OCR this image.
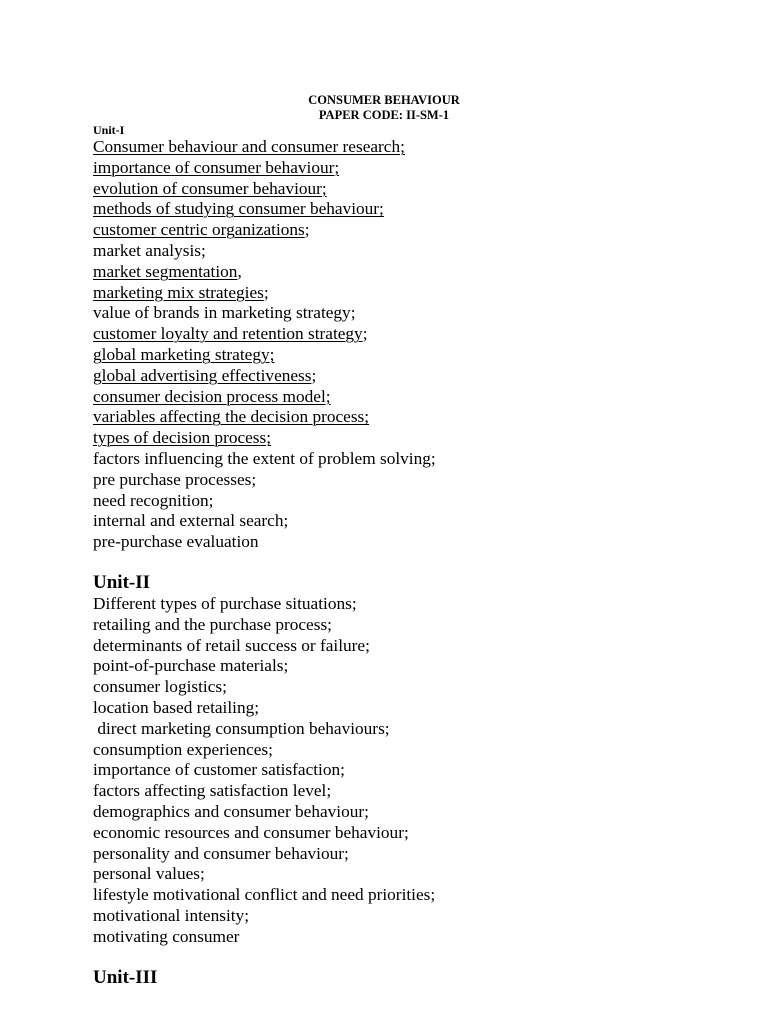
CONSUMER BEHAVIOUR
PAPER CODE: II-SM-1
Unit-I
Consumer behaviour and consumer research;
importance of consumer behaviour;
evolution of consumer behaviour;
methods of studying consumer behaviour;
customer centric organizations;
market analysis;
market segmentation,
marketing mix strategies;
value of brands in marketing strategy;
customer loyalty and retention strategy;
global marketing strategy;
global advertising effectiveness;
consumer decision process model;
variables affecting the decision process;
types of decision process;
factors influencing the extent of problem solving;
pre purchase processes;
need recognition;
internal and external search;
pre-purchase evaluation
Unit-II
Different types of purchase situations;
retailing and the purchase process;
determinants of retail success or failure;
point-of-purchase materials;
consumer logistics;
location based retailing;
direct marketing consumption behaviours;
consumption experiences;
importance of customer satisfaction;
factors affecting satisfaction level;
demographics and consumer behaviour;
economic resources and consumer behaviour;
personality and consumer behaviour;
personal values;
lifestyle motivational conflict and need priorities;
motivational intensity;
motivating consumer
Unit-III
